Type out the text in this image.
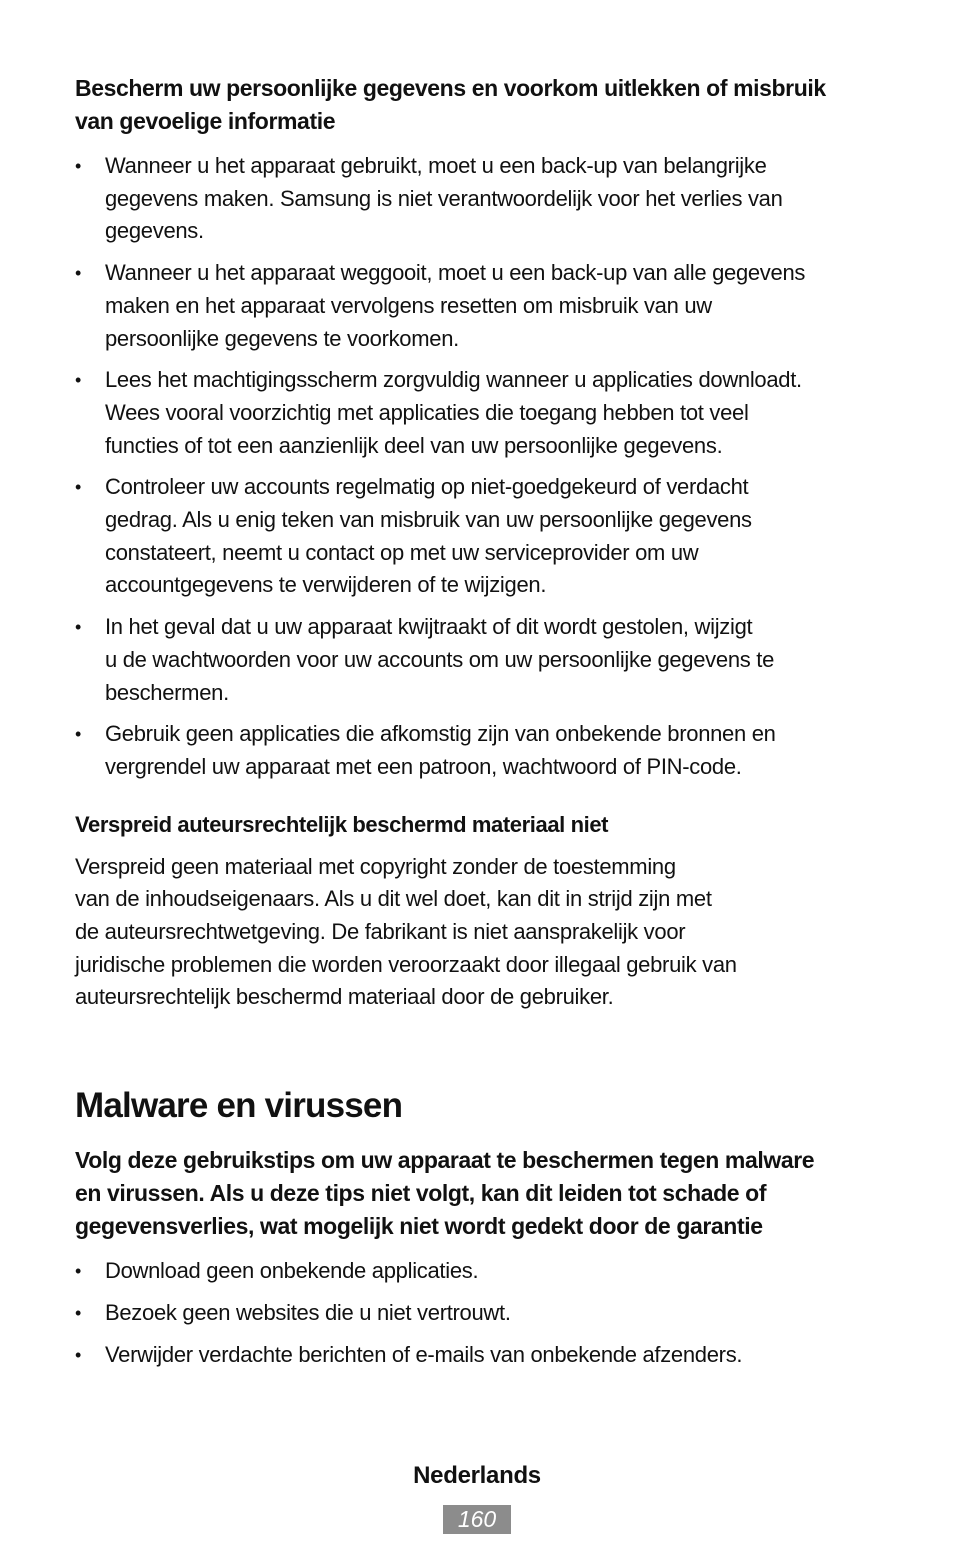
Bescherm uw persoonlijke gegevens en voorkom uitlekken of misbruik
van gevoelige informatie
•	Wanneer u het apparaat gebruikt, moet u een back-up van belangrijke
gegevens maken. Samsung is niet verantwoordelijk voor het verlies van
gegevens.
•	Wanneer u het apparaat weggooit, moet u een back-up van alle gegevens
maken en het apparaat vervolgens resetten om misbruik van uw
persoonlijke gegevens te voorkomen.
•	Lees het machtigingsscherm zorgvuldig wanneer u applicaties downloadt.
Wees vooral voorzichtig met applicaties die toegang hebben tot veel
functies of tot een aanzienlijk deel van uw persoonlijke gegevens.
•	Controleer uw accounts regelmatig op niet-goedgekeurd of verdacht
gedrag. Als u enig teken van misbruik van uw persoonlijke gegevens
constateert, neemt u contact op met uw serviceprovider om uw
accountgegevens te verwijderen of te wijzigen.
•	In het geval dat u uw apparaat kwijtraakt of dit wordt gestolen, wijzigt
u de wachtwoorden voor uw accounts om uw persoonlijke gegevens te
beschermen.
•	Gebruik geen applicaties die afkomstig zijn van onbekende bronnen en
vergrendel uw apparaat met een patroon, wachtwoord of PIN-code.
Verspreid auteursrechtelijk beschermd materiaal niet
Verspreid geen materiaal met copyright zonder de toestemming
van de inhoudseigenaars. Als u dit wel doet, kan dit in strijd zijn met
de auteursrechtwetgeving. De fabrikant is niet aansprakelijk voor
juridische problemen die worden veroorzaakt door illegaal gebruik van
auteursrechtelijk beschermd materiaal door de gebruiker.
Malware en virussen
Volg deze gebruikstips om uw apparaat te beschermen tegen malware
en virussen. Als u deze tips niet volgt, kan dit leiden tot schade of
gegevensverlies, wat mogelijk niet wordt gedekt door de garantie
•	Download geen onbekende applicaties.
•	Bezoek geen websites die u niet vertrouwt.
•	Verwijder verdachte berichten of e-mails van onbekende afzenders.
Nederlands
160
